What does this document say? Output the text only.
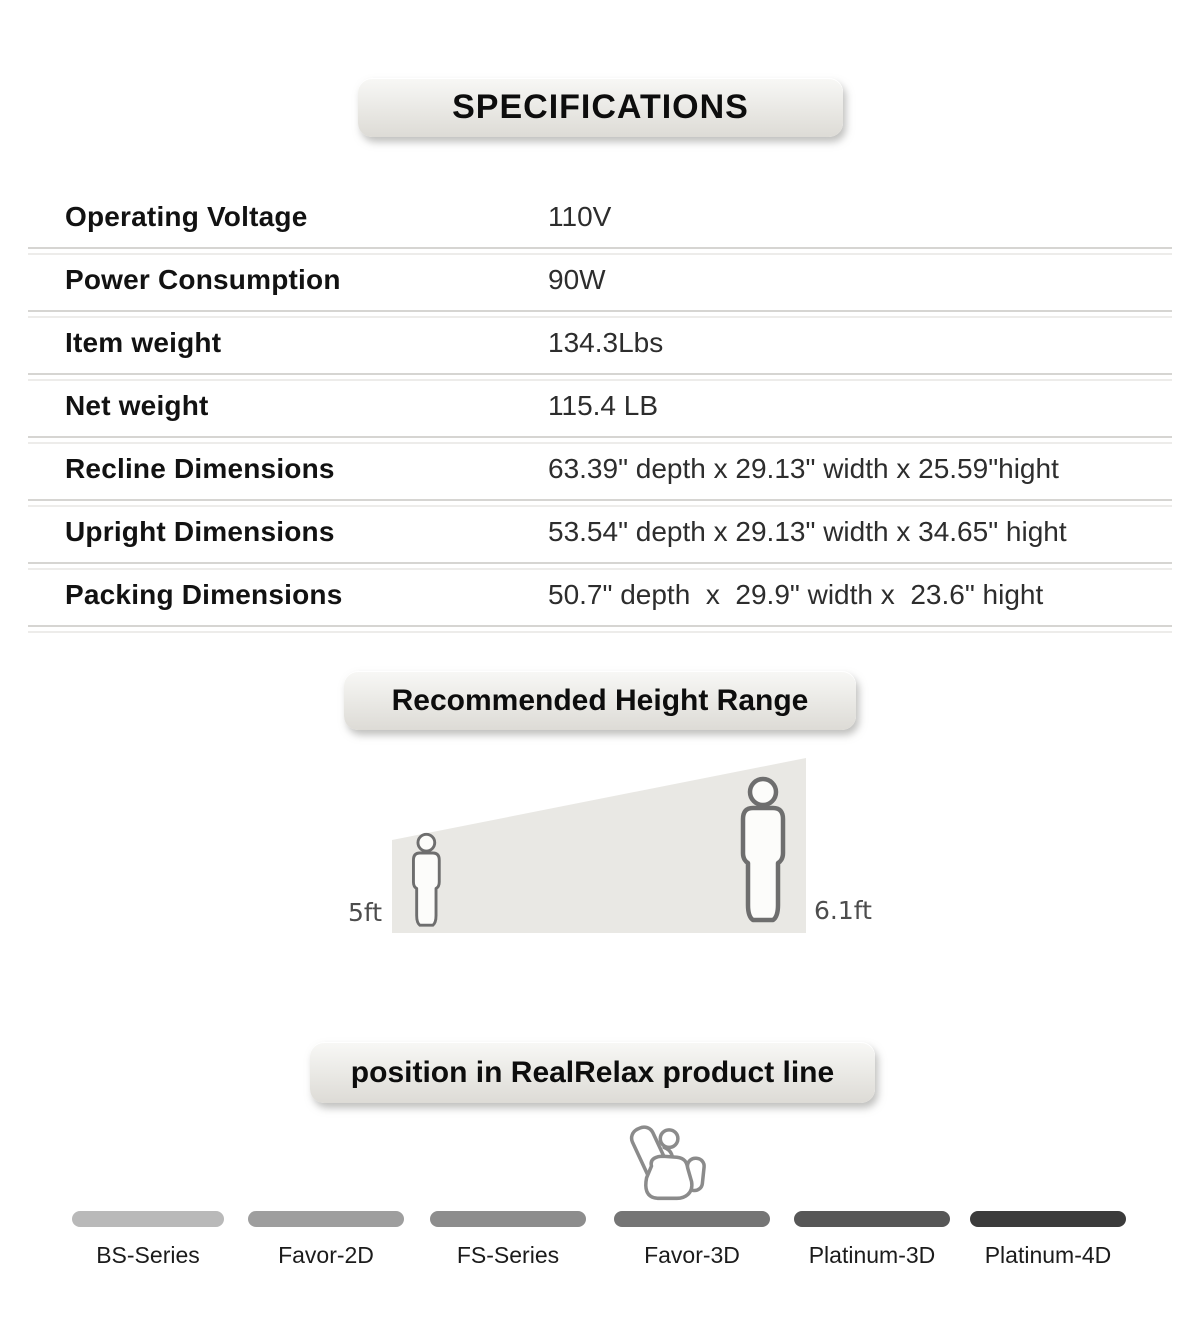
SPECIFICATIONS
Operating Voltage	110V
Power Consumption	90W
Item weight	134.3Lbs
Net weight	115.4 LB
Recline Dimensions	63.39" depth x 29.13" width x 25.59"hight
Upright Dimensions	53.54" depth x 29.13" width x 34.65" hight
Packing Dimensions	50.7" depth  x  29.9" width x  23.6" hight
Recommended Height Range
5ft	6.1ft
position in RealRelax product line
BS-Series	Favor-2D	FS-Series	Favor-3D	Platinum-3D	Platinum-4D
